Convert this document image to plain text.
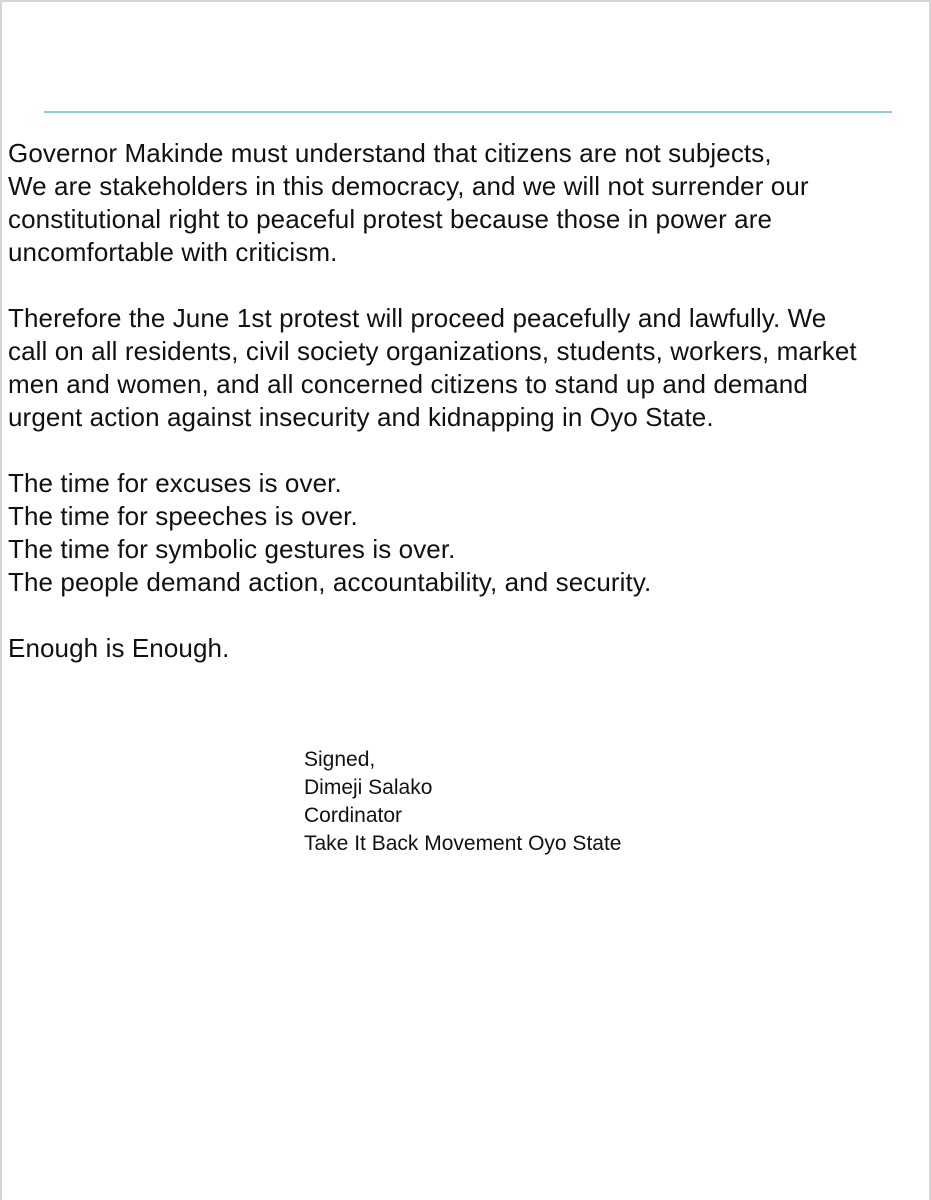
Governor Makinde must understand that citizens are not subjects,

We are stakeholders in this democracy, and we will not surrender our

constitutional right to peaceful protest because those in power are

uncomfortable with criticism.

Therefore the June 1st protest will proceed peacefully and lawfully. We

call on all residents, civil society organizations, students, workers, market

men and women, and all concerned citizens to stand up and demand

urgent action against insecurity and kidnapping in Oyo State.

The time for excuses is over.

The time for speeches is over.

The time for symbolic gestures is over.

The people demand action, accountability, and security.

Enough is Enough.

Signed,
Dimeji Salako
Cordinator
Take It Back Movement Oyo State
